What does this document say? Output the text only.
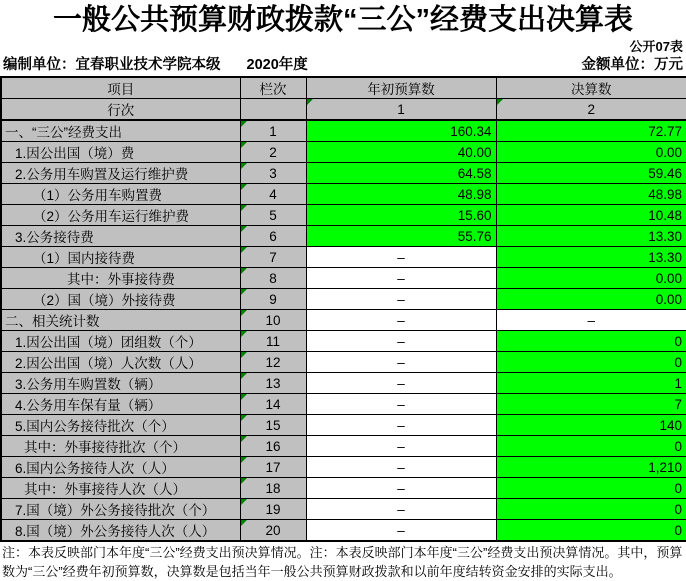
一般公共预算财政拨款“三公”经费支出决算表
公开07表
编制单位：宜春职业技术学院本级 2020年度	金额单位：万元
项目	栏次	年初预算数	决算数
行次		1	2
一、“三公”经费支出	1	160.34	72.77
1.因公出国（境）费	2	40.00	0.00
2.公务用车购置及运行维护费	3	64.58	59.46
（1）公务用车购置费	4	48.98	48.98
（2）公务用车运行维护费	5	15.60	10.48
3.公务接待费	6	55.76	13.30
（1）国内接待费	7	–	13.30
其中：外事接待费	8	–	0.00
（2）国（境）外接待费	9	–	0.00
二、相关统计数	10	–	–
1.因公出国（境）团组数（个）	11	–	0
2.因公出国（境）人次数（人）	12	–	0
3.公务用车购置数（辆）	13	–	1
4.公务用车保有量（辆）	14	–	7
5.国内公务接待批次（个）	15	–	140
其中：外事接待批次（个）	16	–	0
6.国内公务接待人次（人）	17	–	1,210
其中：外事接待人次（人）	18	–	0
7.国（境）外公务接待批次（个）	19	–	0
8.国（境）外公务接待人次（人）	20	–	0
注：本表反映部门本年度“三公”经费支出预决算情况。注：本表反映部门本年度“三公”经费支出预决算情况。其中，预算数为“三公”经费年初预算数，决算数是包括当年一般公共预算财政拨款和以前年度结转资金安排的实际支出。
